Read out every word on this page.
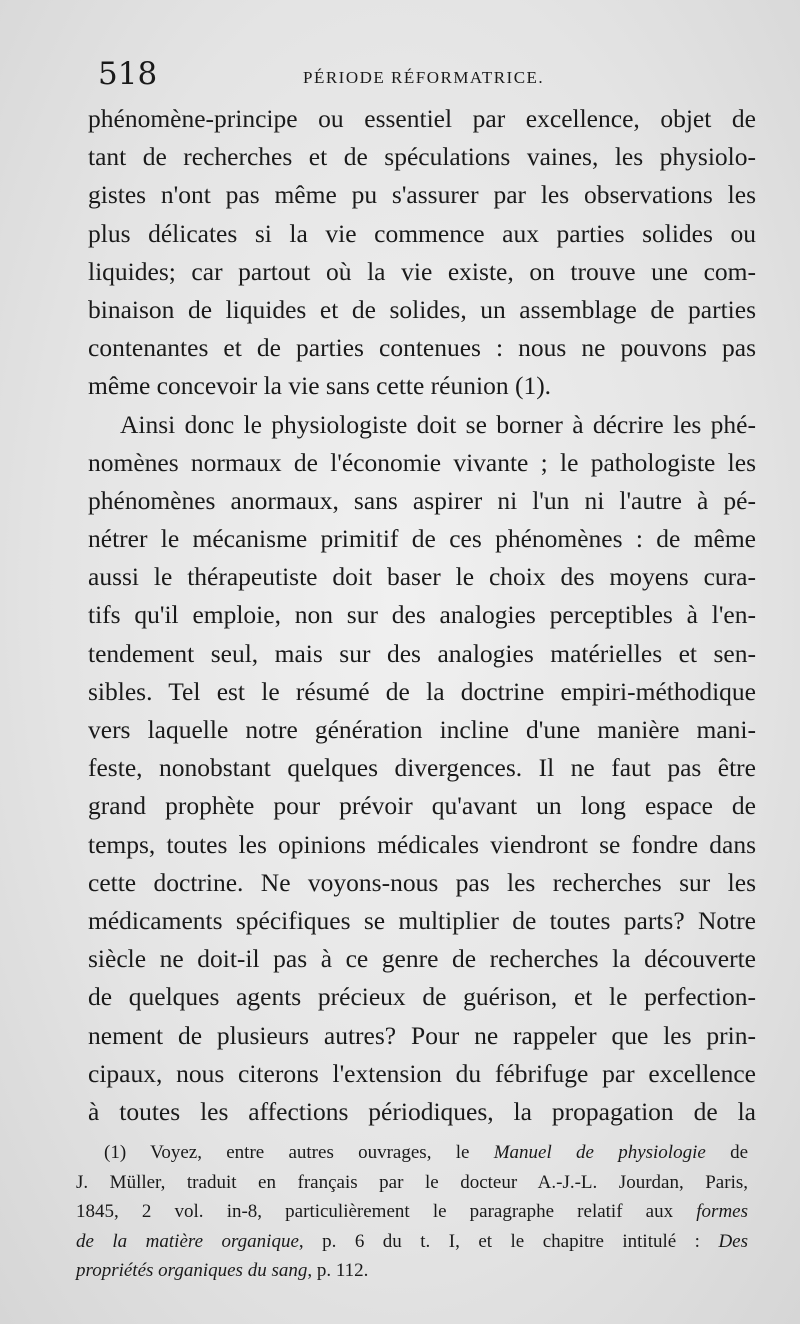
518	PÉRIODE RÉFORMATRICE.
phénomène-principe ou essentiel par excellence, objet de
tant de recherches et de spéculations vaines, les physiolo-
gistes n'ont pas même pu s'assurer par les observations les
plus délicates si la vie commence aux parties solides ou
liquides; car partout où la vie existe, on trouve une com-
binaison de liquides et de solides, un assemblage de parties
contenantes et de parties contenues : nous ne pouvons pas
même concevoir la vie sans cette réunion (1).
Ainsi donc le physiologiste doit se borner à décrire les phé-
nomènes normaux de l'économie vivante ; le pathologiste les
phénomènes anormaux, sans aspirer ni l'un ni l'autre à pé-
nétrer le mécanisme primitif de ces phénomènes : de même
aussi le thérapeutiste doit baser le choix des moyens cura-
tifs qu'il emploie, non sur des analogies perceptibles à l'en-
tendement seul, mais sur des analogies matérielles et sen-
sibles. Tel est le résumé de la doctrine empiri-méthodique
vers laquelle notre génération incline d'une manière mani-
feste, nonobstant quelques divergences. Il ne faut pas être
grand prophète pour prévoir qu'avant un long espace de
temps, toutes les opinions médicales viendront se fondre dans
cette doctrine. Ne voyons-nous pas les recherches sur les
médicaments spécifiques se multiplier de toutes parts? Notre
siècle ne doit-il pas à ce genre de recherches la découverte
de quelques agents précieux de guérison, et le perfection-
nement de plusieurs autres? Pour ne rappeler que les prin-
cipaux, nous citerons l'extension du fébrifuge par excellence
à toutes les affections périodiques, la propagation de la
(1) Voyez, entre autres ouvrages, le Manuel de physiologie de
J. Müller, traduit en français par le docteur A.-J.-L. Jourdan, Paris,
1845, 2 vol. in-8, particulièrement le paragraphe relatif aux formes
de la matière organique, p. 6 du t. I, et le chapitre intitulé : Des
propriétés organiques du sang, p. 112.
